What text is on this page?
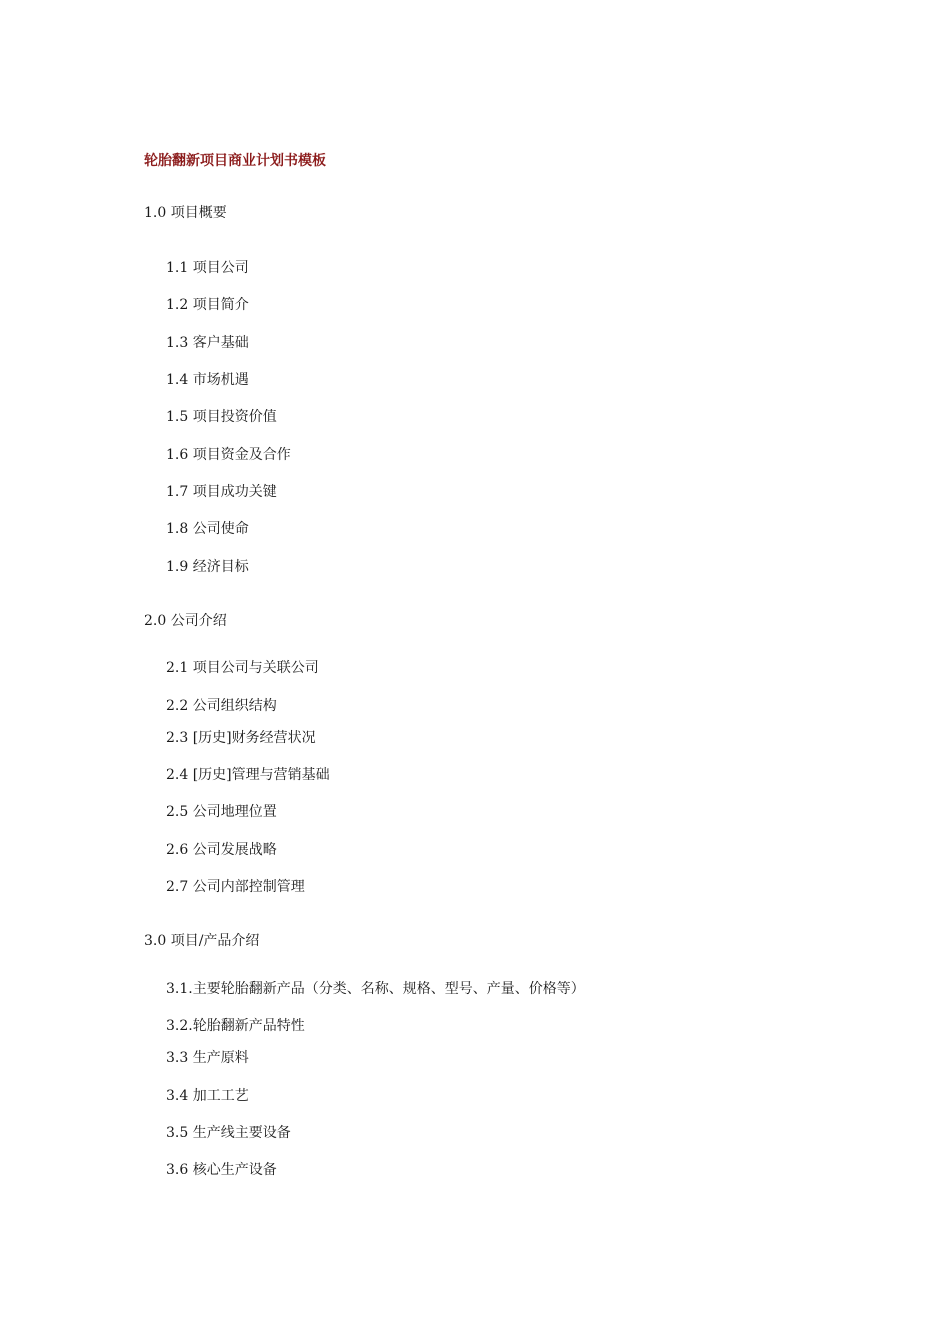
轮胎翻新项目商业计划书模板
1.0 项目概要
1.1 项目公司
1.2 项目简介
1.3 客户基础
1.4 市场机遇
1.5 项目投资价值
1.6 项目资金及合作
1.7 项目成功关键
1.8 公司使命
1.9 经济目标
2.0 公司介绍
2.1 项目公司与关联公司
2.2 公司组织结构
2.3 [历史]财务经营状况
2.4 [历史]管理与营销基础
2.5 公司地理位置
2.6 公司发展战略
2.7 公司内部控制管理
3.0 项目/产品介绍
3.1.主要轮胎翻新产品（分类、名称、规格、型号、产量、价格等）
3.2.轮胎翻新产品特性
3.3 生产原料
3.4 加工工艺
3.5 生产线主要设备
3.6 核心生产设备
